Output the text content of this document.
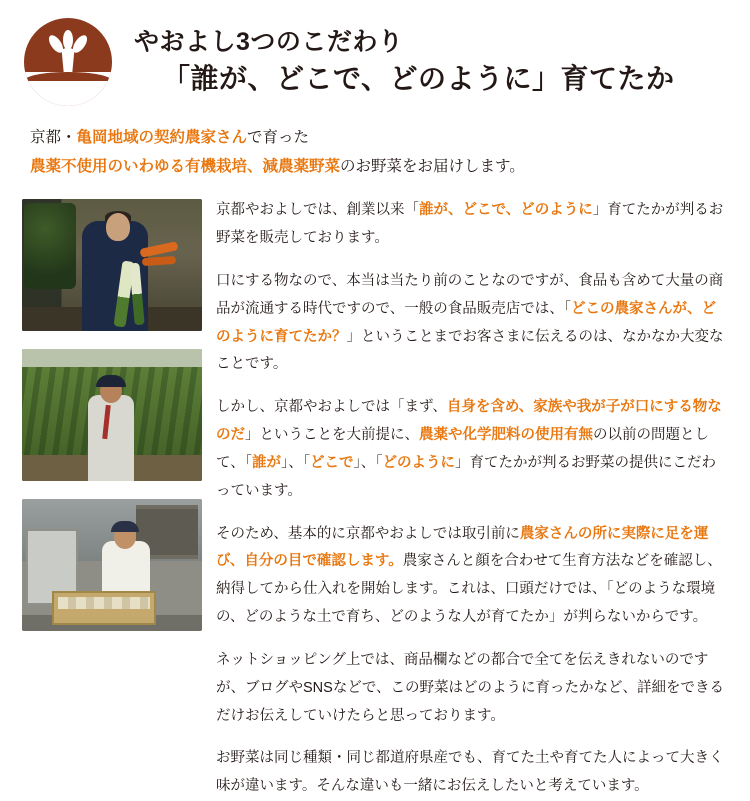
やおよし3つのこだわり
「誰が、どこで、どのように」育てたか
京都・亀岡地域の契約農家さんで育った
農薬不使用のいわゆる有機栽培、減農薬野菜のお野菜をお届けします。

京都やおよしでは、創業以来「誰が、どこで、どのように」育てたかが判るお野菜を販売しております。

口にする物なので、本当は当たり前のことなのですが、食品も含めて大量の商品が流通する時代ですので、一般の食品販売店では、「どこの農家さんが、どのように育てたか？」ということまでお客さまに伝えるのは、なかなか大変なことです。

しかし、京都やおよしでは「まず、自身を含め、家族や我が子が口にする物なのだ」ということを大前提に、農薬や化学肥料の使用有無の以前の問題として、「誰が」、「どこで」、「どのように」育てたかが判るお野菜の提供にこだわっています。

そのため、基本的に京都やおよしでは取引前に農家さんの所に実際に足を運び、自分の目で確認します。農家さんと顔を合わせて生育方法などを確認し、納得してから仕入れを開始します。これは、口頭だけでは、「どのような環境の、どのような土で育ち、どのような人が育てたか」が判らないからです。

ネットショッピング上では、商品欄などの都合で全てを伝えきれないのですが、ブログやSNSなどで、この野菜はどのように育ったかなど、詳細をできるだけお伝えしていけたらと思っております。

お野菜は同じ種類・同じ都道府県産でも、育てた土や育てた人によって大きく味が違います。そんな違いも一緒にお伝えしたいと考えています。
